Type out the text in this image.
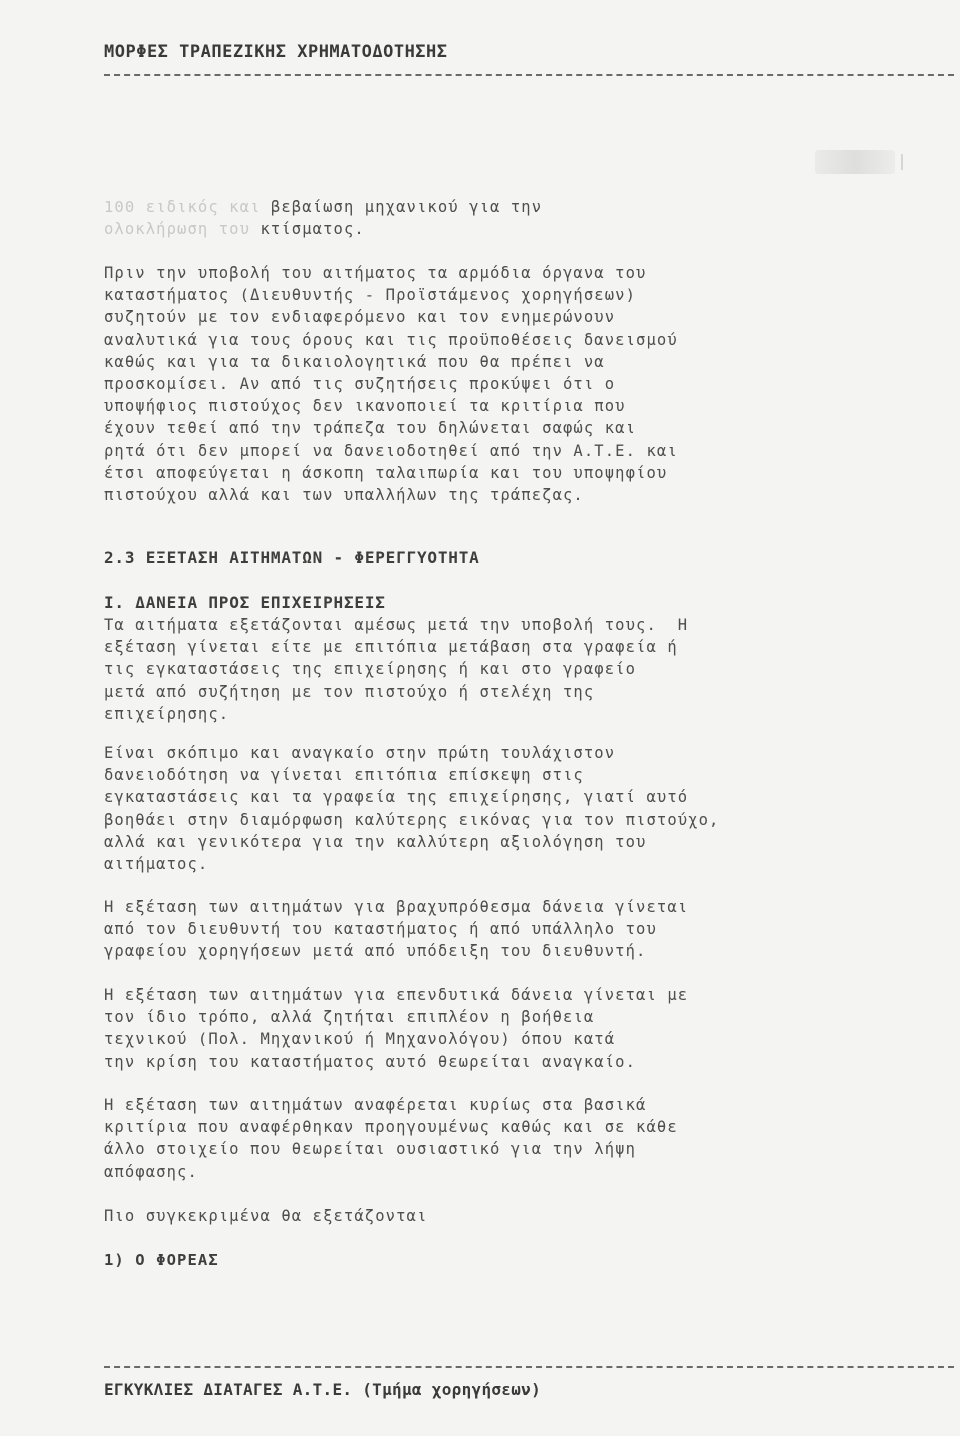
ΜΟΡΦΕΣ ΤΡΑΠΕΖΙΚΗΣ ΧΡΗΜΑΤΟΔΟΤΗΣΗΣ
100 ειδικός και βεβαίωση μηχανικού για την
ολοκλήρωση του κτίσματος.
Πριν την υποβολή του αιτήματος τα αρμόδια όργανα του
καταστήματος (Διευθυντής - Προϊστάμενος χορηγήσεων)
συζητούν με τον ενδιαφερόμενο και τον ενημερώνουν
αναλυτικά για τους όρους και τις προϋποθέσεις δανεισμού
καθώς και για τα δικαιολογητικά που θα πρέπει να
προσκομίσει. Αν από τις συζητήσεις προκύψει ότι ο
υποψήφιος πιστούχος δεν ικανοποιεί τα κριτίρια που
έχουν τεθεί από την τράπεζα του δηλώνεται σαφώς και
ρητά ότι δεν μπορεί να δανειοδοτηθεί από την Α.Τ.Ε. και
έτσι αποφεύγεται η άσκοπη ταλαιπωρία και του υποψηφίου
πιστούχου αλλά και των υπαλλήλων της τράπεζας.
2.3 ΕΞΕΤΑΣΗ ΑΙΤΗΜΑΤΩΝ - ΦΕΡΕΓΓΥΟΤΗΤΑ
Ι. ΔΑΝΕΙΑ ΠΡΟΣ ΕΠΙΧΕΙΡΗΣΕΙΣ
Τα αιτήματα εξετάζονται αμέσως μετά την υποβολή τους.  Η
εξέταση γίνεται είτε με επιτόπια μετάβαση στα γραφεία ή
τις εγκαταστάσεις της επιχείρησης ή και στο γραφείο
μετά από συζήτηση με τον πιστούχο ή στελέχη της
επιχείρησης.
Είναι σκόπιμο και αναγκαίο στην πρώτη τουλάχιστον
δανειοδότηση να γίνεται επιτόπια επίσκεψη στις
εγκαταστάσεις και τα γραφεία της επιχείρησης, γιατί αυτό
βοηθάει στην διαμόρφωση καλύτερης εικόνας για τον πιστούχο,
αλλά και γενικότερα για την καλλύτερη αξιολόγηση του
αιτήματος.
Η εξέταση των αιτημάτων για βραχυπρόθεσμα δάνεια γίνεται
από τον διευθυντή του καταστήματος ή από υπάλληλο του
γραφείου χορηγήσεων μετά από υπόδειξη του διευθυντή.
Η εξέταση των αιτημάτων για επενδυτικά δάνεια γίνεται με
τον ίδιο τρόπο, αλλά ζητήται επιπλέον η βοήθεια
τεχνικού (Πολ. Μηχανικού ή Μηχανολόγου) όπου κατά
την κρίση του καταστήματος αυτό θεωρείται αναγκαίο.
Η εξέταση των αιτημάτων αναφέρεται κυρίως στα βασικά
κριτίρια που αναφέρθηκαν προηγουμένως καθώς και σε κάθε
άλλο στοιχείο που θεωρείται ουσιαστικό για την λήψη
απόφασης.
Πιο συγκεκριμένα θα εξετάζονται
1) Ο ΦΟΡΕΑΣ
ΕΓΚΥΚΛΙΕΣ ΔΙΑΤΑΓΕΣ Α.Τ.Ε. (Τμήμα χορηγήσεων)
